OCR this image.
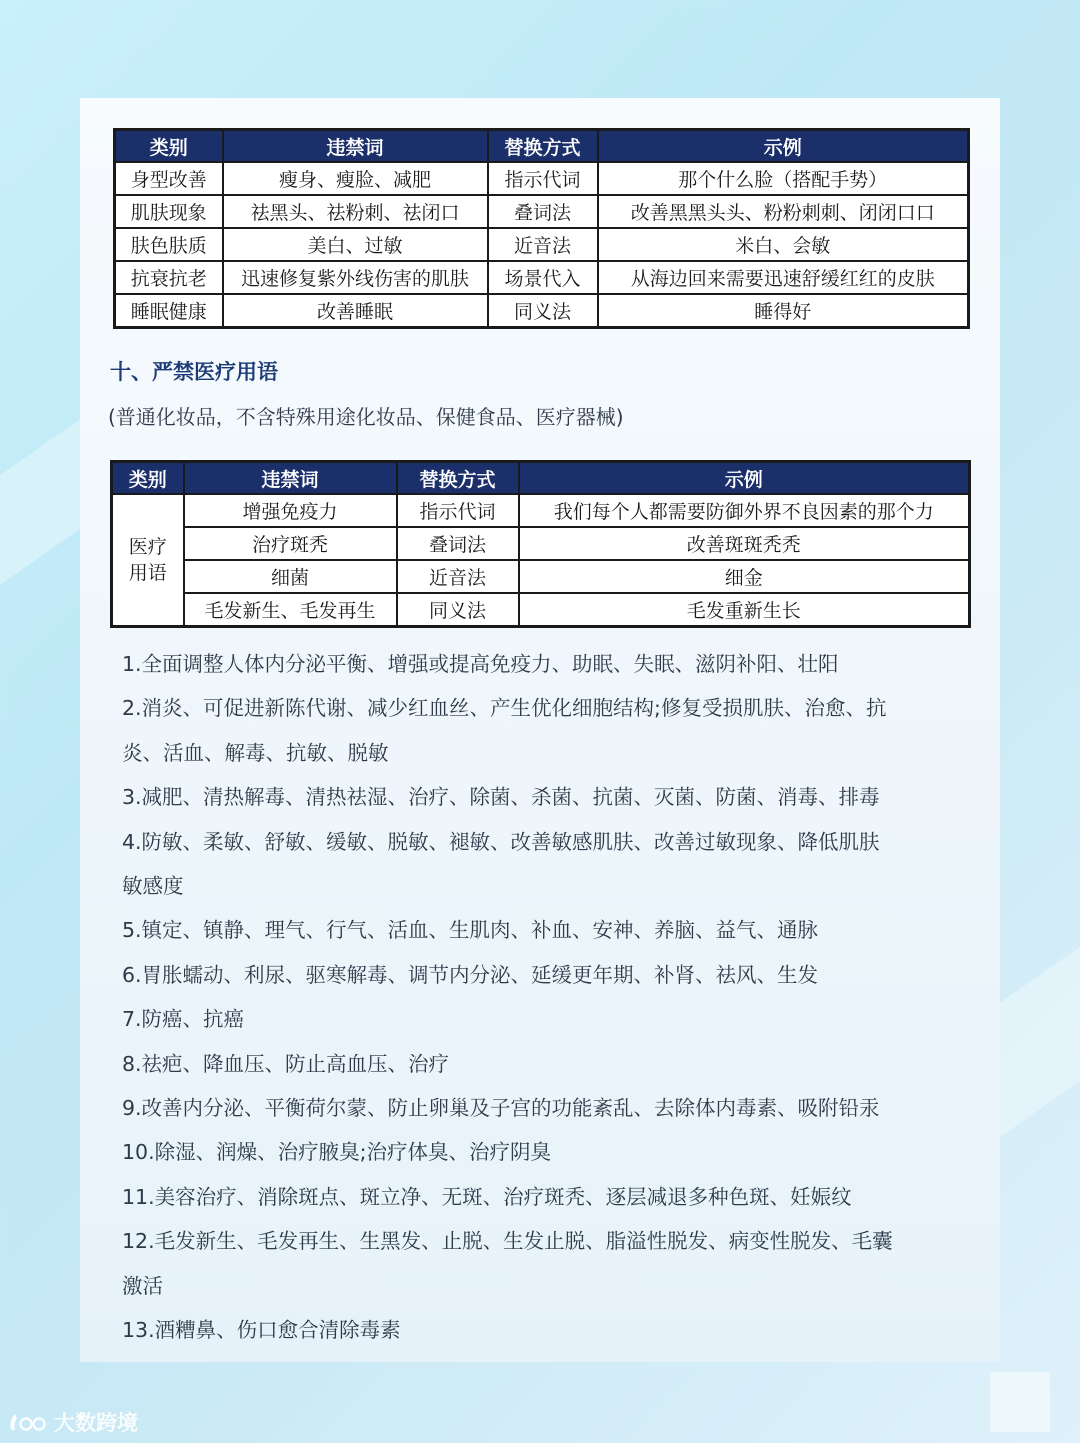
类别	违禁词	替换方式	示例
身型改善	瘦身、瘦脸、减肥	指示代词	那个什么脸（搭配手势）
肌肤现象	祛黑头、祛粉刺、祛闭口	叠词法	改善黑黑头头、粉粉刺刺、闭闭口口
肤色肤质	美白、过敏	近音法	米白、会敏
抗衰抗老	迅速修复紫外线伤害的肌肤	场景代入	从海边回来需要迅速舒缓红红的皮肤
睡眠健康	改善睡眠	同义法	睡得好
十、严禁医疗用语

(普通化妆品，不含特殊用途化妆品、保健食品、医疗器械)

类别	违禁词	替换方式	示例
医疗
用语	增强免疫力	指示代词	我们每个人都需要防御外界不良因素的那个力
	治疗斑秃	叠词法	改善斑斑秃秃
	细菌	近音法	细金
	毛发新生、毛发再生	同义法	毛发重新生长
1.全面调整人体内分泌平衡、增强或提高免疫力、助眠、失眠、滋阴补阳、壮阳
2.消炎、可促进新陈代谢、减少红血丝、产生优化细胞结构;修复受损肌肤、治愈、抗
炎、活血、解毒、抗敏、脱敏
3.减肥、清热解毒、清热祛湿、治疗、除菌、杀菌、抗菌、灭菌、防菌、消毒、排毒
4.防敏、柔敏、舒敏、缓敏、脱敏、褪敏、改善敏感肌肤、改善过敏现象、降低肌肤
敏感度
5.镇定、镇静、理气、行气、活血、生肌肉、补血、安神、养脑、益气、通脉
6.胃胀蠕动、利尿、驱寒解毒、调节内分泌、延缓更年期、补肾、祛风、生发
7.防癌、抗癌
8.祛疤、降血压、防止高血压、治疗
9.改善内分泌、平衡荷尔蒙、防止卵巢及子宫的功能紊乱、去除体内毒素、吸附铅汞
10.除湿、润燥、治疗腋臭;治疗体臭、治疗阴臭
11.美容治疗、消除斑点、斑立净、无斑、治疗斑秃、逐层减退多种色斑、妊娠纹
12.毛发新生、毛发再生、生黑发、止脱、生发止脱、脂溢性脱发、病变性脱发、毛囊
激活
13.酒糟鼻、伤口愈合清除毒素
大数跨境
